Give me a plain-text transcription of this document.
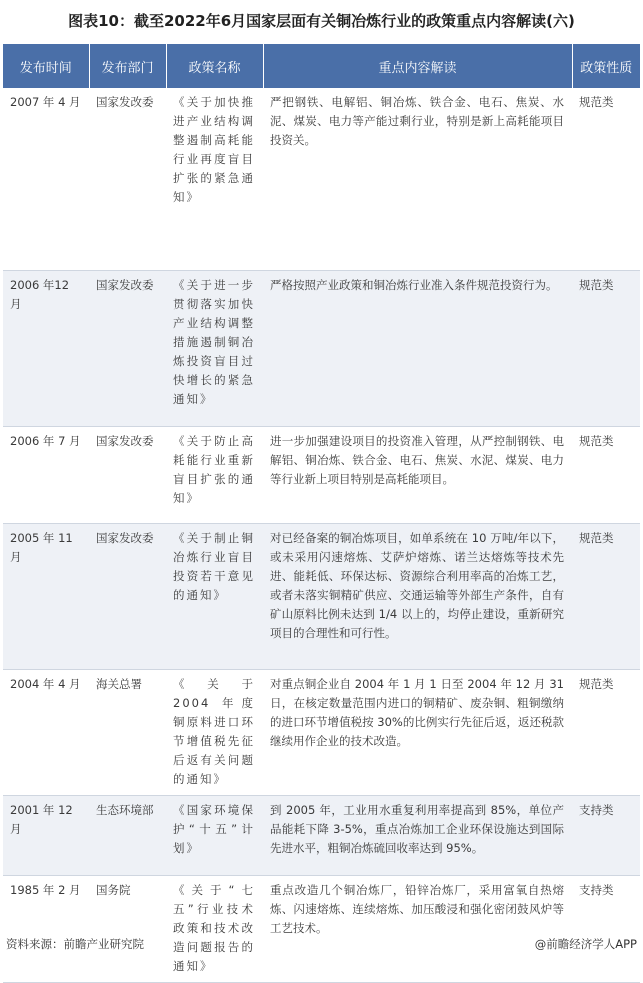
图表10：截至2022年6月国家层面有关铜冶炼行业的政策重点内容解读(六)
发布时间	发布部门	政策名称	重点内容解读	政策性质
2007 年 4 月	国家发改委	《关于加快推进产业结构调整遏制高耗能行业再度盲目扩张的紧急通知》	严把钢铁、电解铝、铜冶炼、铁合金、电石、焦炭、水泥、煤炭、电力等产能过剩行业，特别是新上高耗能项目投资关。	规范类
2006 年12 月	国家发改委	《关于进一步贯彻落实加快产业结构调整措施遏制铜冶炼投资盲目过快增长的紧急通知》	严格按照产业政策和铜冶炼行业准入条件规范投资行为。	规范类
2006 年 7 月	国家发改委	《关于防止高耗能行业重新盲目扩张的通知》	进一步加强建设项目的投资准入管理，从严控制钢铁、电解铝、铜冶炼、铁合金、电石、焦炭、水泥、煤炭、电力等行业新上项目特别是高耗能项目。	规范类
2005 年 11 月	国家发改委	《关于制止铜冶炼行业盲目投资若干意见的通知》	对已经备案的铜冶炼项目，如单系统在 10 万吨/年以下，或未采用闪速熔炼、艾萨炉熔炼、诺兰达熔炼等技术先进、能耗低、环保达标、资源综合利用率高的冶炼工艺，或者未落实铜精矿供应、交通运输等外部生产条件，自有矿山原料比例未达到 1/4 以上的，均停止建设，重新研究项目的合理性和可行性。	规范类
2004 年 4 月	海关总署	《关于 2004 年度铜原料进口环节增值税先征后返有关问题的通知》	对重点铜企业自 2004 年 1 月 1 日至 2004 年 12 月 31 日，在核定数量范围内进口的铜精矿、废杂铜、粗铜缴纳的进口环节增值税按 30%的比例实行先征后返，返还税款继续用作企业的技术改造。	规范类
2001 年 12 月	生态环境部	《国家环境保护“十五”计划》	到 2005 年，工业用水重复利用率提高到 85%，单位产品能耗下降 3-5%，重点冶炼加工企业环保设施达到国际先进水平，粗铜冶炼硫回收率达到 95%。	支持类
1985 年 2 月	国务院	《关于“七五”行业技术政策和技术改造问题报告的通知》	重点改造几个铜冶炼厂，铅锌冶炼厂，采用富氧自热熔炼、闪速熔炼、连续熔炼、加压酸浸和强化密闭鼓风炉等工艺技术。	支持类
资料来源：前瞻产业研究院	@前瞻经济学人APP
